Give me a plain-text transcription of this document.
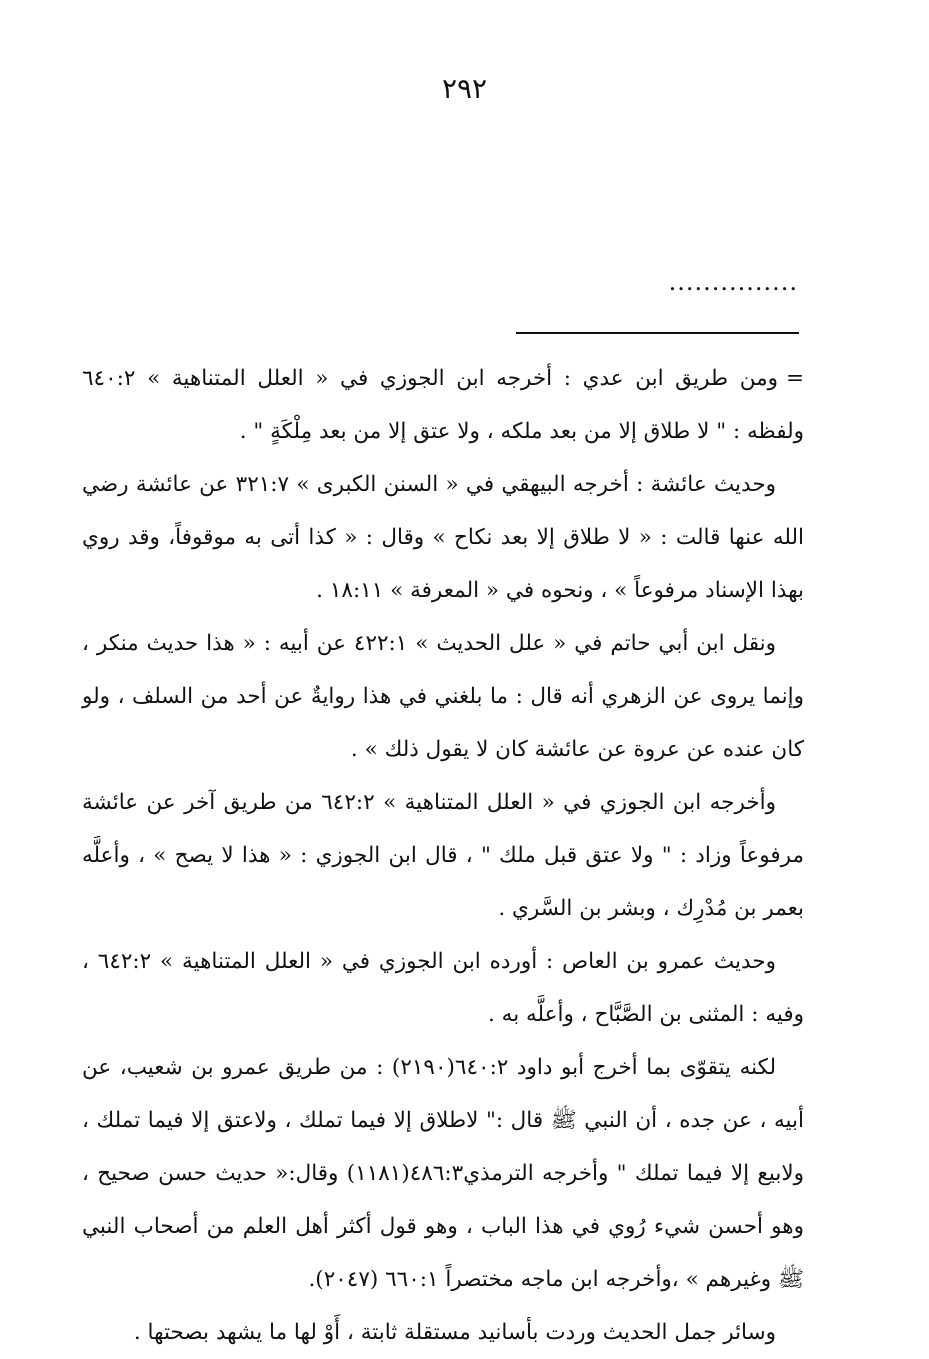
٢٩٢
...............

=ومن طريق ابن عدي : أخرجه ابن الجوزي في « العلل المتناهية » ٦٤٠:٢ ولفظه : " لا طلاق إلا من بعد ملكه ، ولا عتق إلا من بعد مِلْكَةٍ " .

وحديث عائشة : أخرجه البيهقي في « السنن الكبرى » ٣٢١:٧ عن عائشة رضي الله عنها قالت : « لا طلاق إلا بعد نكاح » وقال : « كذا أتى به موقوفاً، وقد روي بهذا الإسناد مرفوعاً » ، ونحوه في « المعرفة » ١٨:١١ .

ونقل ابن أبي حاتم في « علل الحديث » ٤٢٢:١ عن أبيه : « هذا حديث منكر ، وإنما يروى عن الزهري أنه قال : ما بلغني في هذا روايةٌ عن أحد من السلف ، ولو كان عنده عن عروة عن عائشة كان لا يقول ذلك » .

وأخرجه ابن الجوزي في « العلل المتناهية » ٦٤٢:٢ من طريق آخر عن عائشة مرفوعاً وزاد : " ولا عتق قبل ملك " ، قال ابن الجوزي : « هذا لا يصح » ، وأعلَّه بعمر بن مُدْرِك ، وبشر بن السَّري .

وحديث عمرو بن العاص : أورده ابن الجوزي في « العلل المتناهية » ٦٤٢:٢ ، وفيه : المثنى بن الصَّبَّاح ، وأعلَّه به .

لكنه يتقوّى بما أخرج أبو داود ٦٤٠:٢(٢١٩٠) : من طريق عمرو بن شعيب، عن أبيه ، عن جده ، أن النبي ﷺ قال :" لاطلاق إلا فيما تملك ، ولاعتق إلا فيما تملك ، ولابيع إلا فيما تملك " وأخرجه الترمذي٤٨٦:٣(١١٨١) وقال:« حديث حسن صحيح ، وهو أحسن شيء رُوي في هذا الباب ، وهو قول أكثر أهل العلم من أصحاب النبي ﷺ وغيرهم » ،وأخرجه ابن ماجه مختصراً ٦٦٠:١ (٢٠٤٧).

وسائر جمل الحديث وردت بأسانيد مستقلة ثابتة ، أَوْ لها ما يشهد بصحتها .
